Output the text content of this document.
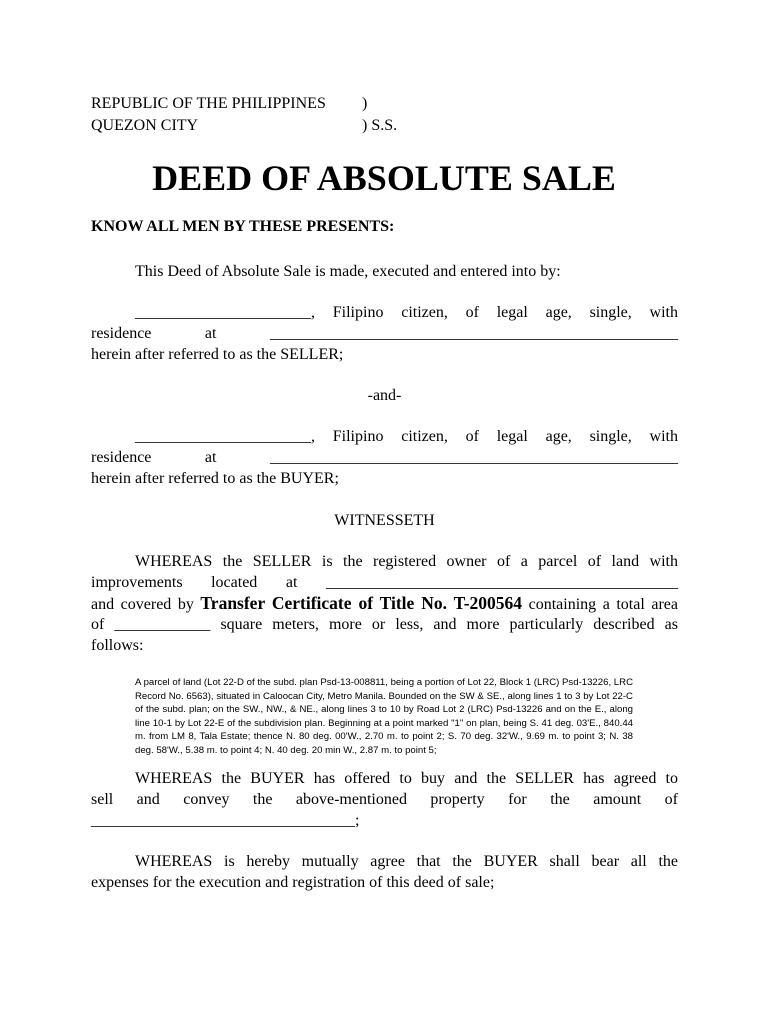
REPUBLIC OF THE PHILIPPINES )
QUEZON CITY	) S.S.
DEED OF ABSOLUTE SALE
KNOW ALL MEN BY THESE PRESENTS:
This Deed of Absolute Sale is made, executed and entered into by:
______________________, Filipino citizen, of legal age, single, with
residence at ___________________________________________________
herein after referred to as the SELLER;
-and-
______________________, Filipino citizen, of legal age, single, with
residence at ___________________________________________________
herein after referred to as the BUYER;
WITNESSETH
WHEREAS the SELLER is the registered owner of a parcel of land with
improvements located at ____________________________________________
and covered by Transfer Certificate of Title No. T-200564 containing a total area
of ____________ square meters, more or less, and more particularly described as
follows:
A parcel of land (Lot 22-D of the subd. plan Psd-13-008811, being a portion of Lot 22, Block 1 (LRC) Psd-13226, LRC Record No. 6563), situated in Caloocan City, Metro Manila. Bounded on the SW & SE., along lines 1 to 3 by Lot 22-C of the subd. plan; on the SW., NW., & NE., along lines 3 to 10 by Road Lot 2 (LRC) Psd-13226 and on the E., along line 10-1 by Lot 22-E of the subdivision plan. Beginning at a point marked "1" on plan, being S. 41 deg. 03'E., 840.44 m. from LM 8, Tala Estate; thence N. 80 deg. 00'W., 2.70 m. to point 2; S. 70 deg. 32'W., 9.69 m. to point 3; N. 38 deg. 58'W., 5.38 m. to point 4; N. 40 deg. 20 min W., 2.87 m. to point 5;
WHEREAS the BUYER has offered to buy and the SELLER has agreed to
sell and convey the above-mentioned property for the amount of
_________________________________;
WHEREAS is hereby mutually agree that the BUYER shall bear all the
expenses for the execution and registration of this deed of sale;
